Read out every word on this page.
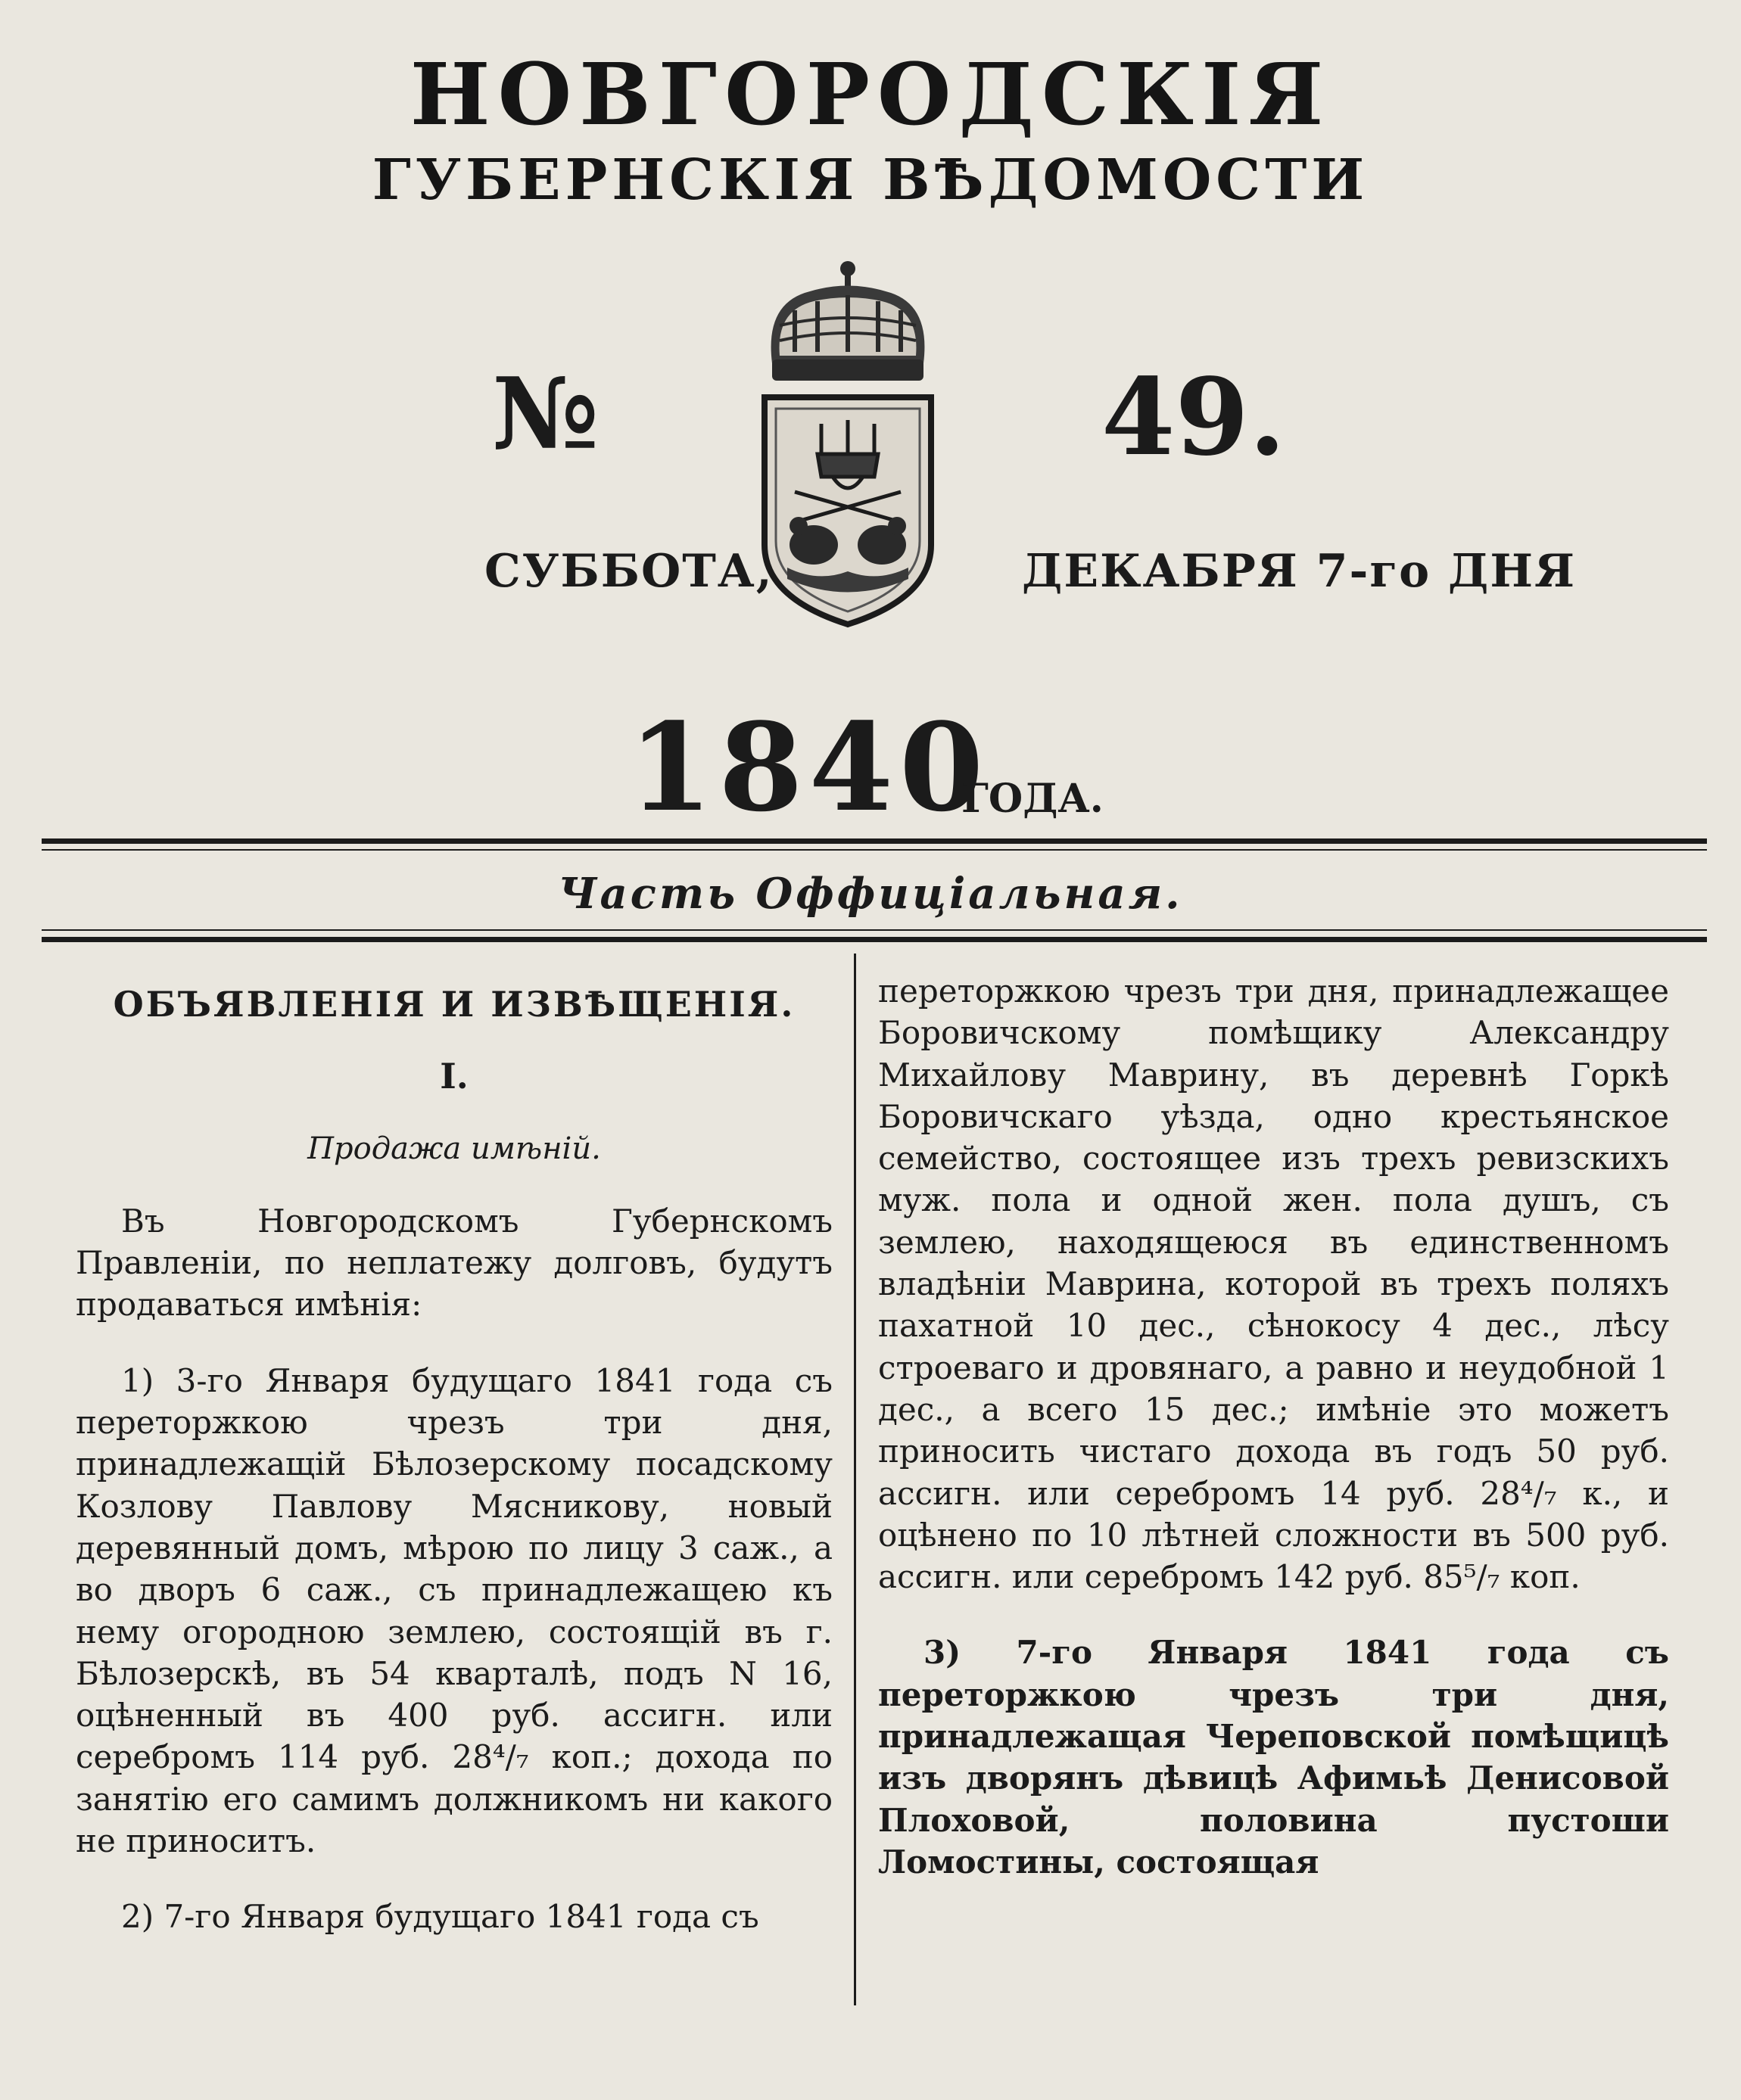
НОВГОРОДСКІЯ
ГУБЕРНСКІЯ ВѢДОМОСТИ
№	49.
СУББОТА,	ДЕКАБРЯ 7-го ДНЯ
1840
ГОДА.
Часть Оффиціальная.
ОБЪЯВЛЕНІЯ И ИЗВѢЩЕНІЯ.
I.
Продажа имѣній.

Въ Новгородскомъ Губернскомъ Правленіи, по неплатежу долговъ, будутъ продаваться имѣнія:

1) 3-го Января будущаго 1841 года съ переторжкою чрезъ три дня, принадлежащій Бѣлозерскому посадскому Козлову Павлову Мясникову, новый деревянный домъ, мѣрою по лицу 3 саж., а во дворъ 6 саж., съ принадлежащею къ нему огородною землею, состоящій въ г. Бѣлозерскѣ, въ 54 кварталѣ, подъ N 16, оцѣненный въ 400 руб. ассигн. или серебромъ 114 руб. 28⁴/₇ коп.; дохода по занятію его самимъ должникомъ ни какого не приноситъ.

2) 7-го Января будущаго 1841 года съ

переторжкою чрезъ три дня, принадлежащее Боровичскому помѣщику Александру Михайлову Маврину, въ деревнѣ Горкѣ Боровичскаго уѣзда, одно крестьянское семейство, состоящее изъ трехъ ревизскихъ муж. пола и одной жен. пола душъ, съ землею, находящеюся въ единственномъ владѣніи Маврина, которой въ трехъ поляхъ пахатной 10 дес., сѣнокосу 4 дес., лѣсу строеваго и дровянаго, а равно и неудобной 1 дес., а всего 15 дес.; имѣніе это можетъ приносить чистаго дохода въ годъ 50 руб. ассигн. или серебромъ 14 руб. 28⁴/₇ к., и оцѣнено по 10 лѣтней сложности въ 500 руб. ассигн. или серебромъ 142 руб. 85⁵/₇ коп.

3) 7-го Января 1841 года съ переторжкою чрезъ три дня, принадлежащая Череповской помѣщицѣ изъ дворянъ дѣвицѣ Афимьѣ Денисовой Плоховой, половина пустоши Ломостины, состоящая
